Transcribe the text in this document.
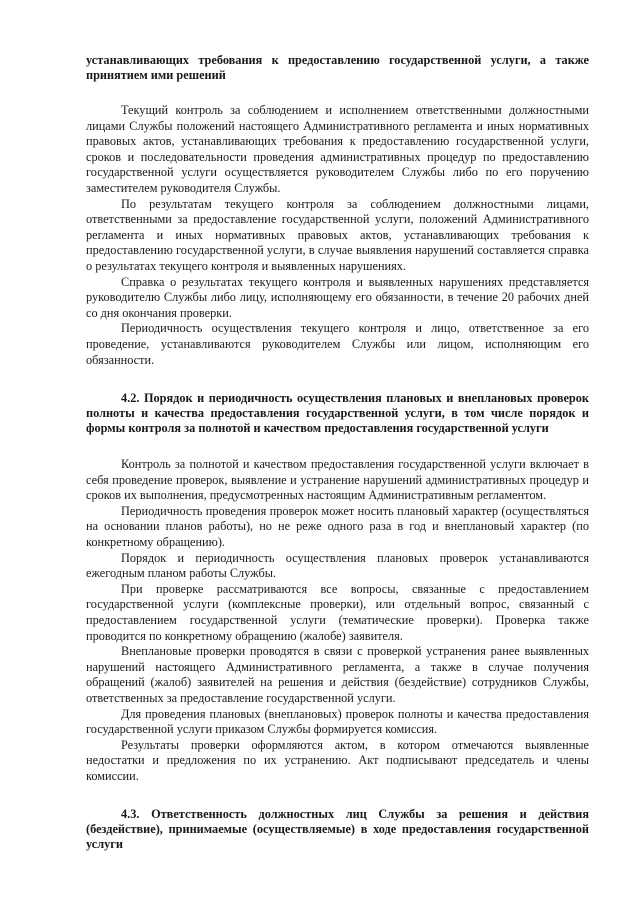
устанавливающих требования к предоставлению государственной услуги, а также принятием ими решений

Текущий контроль за соблюдением и исполнением ответственными должностными лицами Службы положений настоящего Административного регламента и иных нормативных правовых актов, устанавливающих требования к предоставлению государственной услуги, сроков и последовательности проведения административных процедур по предоставлению государственной услуги осуществляется руководителем Службы либо по его поручению заместителем руководителя Службы.

По результатам текущего контроля за соблюдением должностными лицами, ответственными за предоставление государственной услуги, положений Административного регламента и иных нормативных правовых актов, устанавливающих требования к предоставлению государственной услуги, в случае выявления нарушений составляется справка о результатах текущего контроля и выявленных нарушениях.

Справка о результатах текущего контроля и выявленных нарушениях представляется руководителю Службы либо лицу, исполняющему его обязанности, в течение 20 рабочих дней со дня окончания проверки.

Периодичность осуществления текущего контроля и лицо, ответственное за его проведение, устанавливаются руководителем Службы или лицом, исполняющим его обязанности.

4.2. Порядок и периодичность осуществления плановых и внеплановых проверок полноты и качества предоставления государственной услуги, в том числе порядок и формы контроля за полнотой и качеством предоставления государственной услуги

Контроль за полнотой и качеством предоставления государственной услуги включает в себя проведение проверок, выявление и устранение нарушений административных процедур и сроков их выполнения, предусмотренных настоящим Административным регламентом.

Периодичность проведения проверок может носить плановый характер (осуществляться на основании планов работы), но не реже одного раза в год и внеплановый характер (по конкретному обращению).

Порядок и периодичность осуществления плановых проверок устанавливаются ежегодным планом работы Службы.

При проверке рассматриваются все вопросы, связанные с предоставлением государственной услуги (комплексные проверки), или отдельный вопрос, связанный с предоставлением государственной услуги (тематические проверки). Проверка также проводится по конкретному обращению (жалобе) заявителя.

Внеплановые проверки проводятся в связи с проверкой устранения ранее выявленных нарушений настоящего Административного регламента, а также в случае получения обращений (жалоб) заявителей на решения и действия (бездействие) сотрудников Службы, ответственных за предоставление государственной услуги.

Для проведения плановых (внеплановых) проверок полноты и качества предоставления государственной услуги приказом Службы формируется комиссия.

Результаты проверки оформляются актом, в котором отмечаются выявленные недостатки и предложения по их устранению. Акт подписывают председатель и члены комиссии.

4.3. Ответственность должностных лиц Службы за решения и действия (бездействие), принимаемые (осуществляемые) в ходе предоставления государственной услуги
